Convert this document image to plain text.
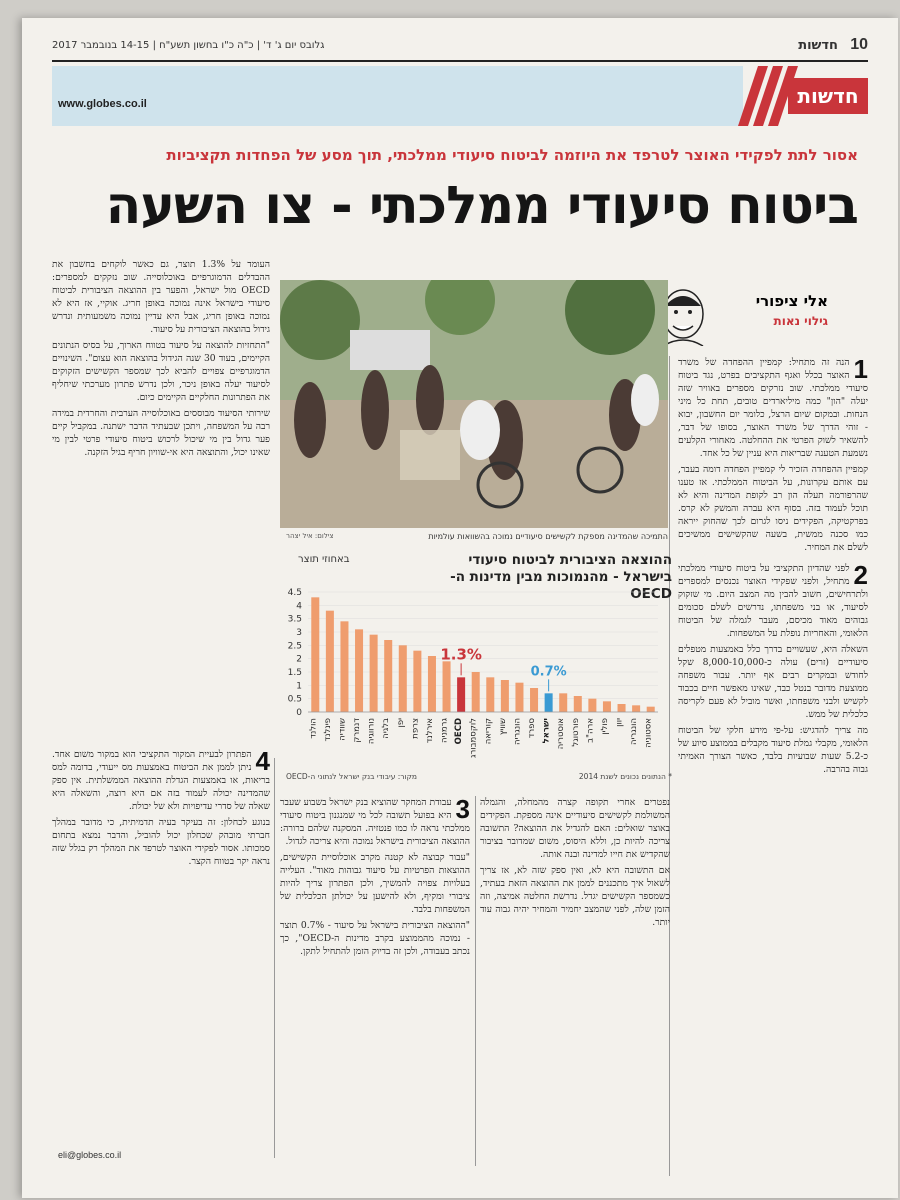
10
חדשות
גלובס יום ג' ד' | כ"ה כ"ו בחשון תשע"ח | 14-15 בנובמבר 2017
www.globes.co.il	חדשות
אסור לתת לפקידי האוצר לטרפד את היוזמה לביטוח סיעודי ממלכתי, תוך מסע של הפחדות תקציביות
ביטוח סיעודי ממלכתי - צו השעה
אלי ציפורי
גילוי נאות

1
הנה זה מתחיל: קמפיין ההפחדה של משרד האוצר בכלל ואגף התקציבים בפרט, נגד ביטוח סיעודי ממלכתי. שוב נזרקים מספרים באוויר שזה יעלה "הון" כמה מיליארדים טובים, תחת כל מיני הנחות. ובמקום שיום הרצל, כלומר יום החשבון, יבוא - זוהי הדרך של משרד האוצר, בסופו של דבר, להשאיר לשוק הפרטי את ההחלטה. מאחורי הקלעים נשמעת הטענה שבריאות היא עניין של כל אחד.

קמפיין ההפחדה הזכיר לי קמפיין הפחדה דומה בעבר, עם אותם עקרונות, על הביטוח הממלכתי. אז טענו שהרפורמה תעלה הון רב לקופת המדינה והיא לא תוכל לעמוד בזה. בסוף היא עברה והמשק לא קרס. בפרקטיקה, הפקידים ניסו לגרום לכך שהחוק ייראה כמו סכנה ממשית, בשעה שהקשישים ממשיכים לשלם את המחיר.

2
לפני שהדיון התקציבי על ביטוח סיעודי ממלכתי מתחיל, ולפני שפקידי האוצר נכנסים למספרים ולתרחישים, חשוב להבין מה המצב היום. מי שזקוק לסיעוד, או בני משפחתו, נדרשים לשלם סכומים גבוהים מאוד מכיסם, מעבר לגמלה של הביטוח הלאומי, והאחריות נופלת על המשפחות.

השאלה היא, שעשויים בדרך כלל באמצעות מטפלים סיעודיים (זרים) עולה כ-8,000-10,000 שקל לחודש ובמקרים רבים אף יותר. עבור משפחה ממוצעת מדובר בנטל כבד, שאינו מאפשר חיים בכבוד לקשיש ולבני משפחתו, ואשר מוביל לא פעם לקריסה כלכלית של ממש.

מה צריך להדגיש: על-פי מידע חלקי של הביטוח הלאומי, מקבלי גמלת סיעוד מקבלים בממוצע סיוע של כ-5.2 שעות שבועיות בלבד, כאשר הצורך האמיתי גבוה בהרבה.

התמיכה שהמדינה מספקת לקשישים סיעודיים נמוכה בהשוואות עולמיות
צילום: איל יצהר
ההוצאה הציבורית לביטוח סיעודי בישראל - מהנמוכות מבין מדינות ה-OECD
באחוזי תוצר
0
0.5
1
1.5
2
2.5
3
3.5
4
4.5
הולנד פינלנד שוודיה דנמרק נורווגיה בלגיה יפן צרפת אירלנד גרמניה OECD
1.3%
לוקסמבורג קוריאה שוויץ הונגריה ספרד ישראל
0.7%
אוסטריה פורטוגל ארה"ב פולין יוון הונגריה אסטוניה
* הנתונים נכונים לשנת 2014
מקור: עיבודי בנק ישראל לנתוני ה-OECD

העומד על 1.3% תוצר, גם כאשר לוקחים בחשבון את ההבדלים הדמוגרפיים באוכלוסייה. שוב נזקקים למספרים: OECD מול ישראל, והפער בין ההוצאה הציבורית לביטוח סיעודי בישראל אינה נמוכה באופן חריג. אוקיי, אז היא לא נמוכה באופן חריג, אבל היא עדיין נמוכה משמעותית ונדרש גידול בהוצאה הציבורית על סיעוד.

"התחזיות להוצאה על סיעוד בטווח הארוך, על בסיס הנתונים הקיימים, בעוד 30 שנה הגידול בהוצאה הוא עצום". השינויים הדמוגרפיים צפויים להביא לכך שמספר הקשישים הזקוקים לסיעוד יעלה באופן ניכר, ולכן נדרש פתרון מערכתי שיחליף את הפתרונות החלקיים הקיימים כיום.

שירותי הסיעוד מבוססים באוכלוסייה הערבית והחרדית במידה רבה על המשפחה, ויתכן שבעתיד הדבר ישתנה. במקביל קיים פער גדול בין מי שיכול לרכוש ביטוח סיעודי פרטי לבין מי שאינו יכול, והתוצאה היא אי-שוויון חריף בגיל הזקנה.

4
הפתרון לבעיית המקור התקציבי הוא במקור משום אחד. ניתן לממן את הביטוח באמצעות מס ייעודי, בדומה למס בריאות, או באמצעות הגדלת ההוצאה הממשלתית. אין ספק שהמדינה יכולה לעמוד בזה אם היא רוצה, והשאלה היא שאלה של סדרי עדיפויות ולא של יכולת.

בנוגע לכחלון: זה בעיקר בעיה תדמיתית, כי מדובר במהלך חברתי מובהק שכחלון יכול להוביל, והדבר נמצא בתחום סמכותו. אסור לפקידי האוצר לטרפד את המהלך רק בגלל שזה נראה יקר בטווח הקצר.

eli@globes.co.il

3
עבודת המחקר שהוציא בנק ישראל בשבוע שעבר היא בפועל תשובה לכל מי שמנגנון ביטוח סיעודי ממלכתי נראה לו כמו פנטזיה. המסקנה שלהם ברורה: ההוצאה הציבורית בישראל נמוכה והיא צריכה לגדול.

"עבור קבוצה לא קטנה מקרב אוכלוסיית הקשישים, ההוצאות הפרטיות על סיעוד גבוהות מאוד". העלייה בעלויות צפויה להמשיך, ולכן הפתרון צריך להיות ציבורי ומקיף, ולא להישען על יכולתן הכלכלית של המשפחות בלבד.

"ההוצאה הציבורית בישראל על סיעוד - 0.7% תוצר - נמוכה מהממוצע בקרב מדינות ה-OECD", כך נכתב בעבודה, ולכן זה בדיוק הזמן להתחיל לתקן.

נפטרים אחרי תקופה קצרה מהמחלה, והגמלה המשולמת לקשישים סיעודיים אינה מספקת. הפקידים באוצר שואלים: האם להגדיל את ההוצאה? התשובה צריכה להיות כן, וללא היסוס, משום שמדובר בציבור שהקדיש את חייו למדינה ובנה אותה.

אם התשובה היא לא, ואין ספק שזה לא, אז צריך לשאול איך מתכננים לממן את ההוצאה הזאת בעתיד, כשמספר הקשישים יגדל. נדרשת החלטה אמיצה, וזה הזמן שלה, לפני שהמצב יחמיר והמחיר יהיה גבוה עוד יותר.
